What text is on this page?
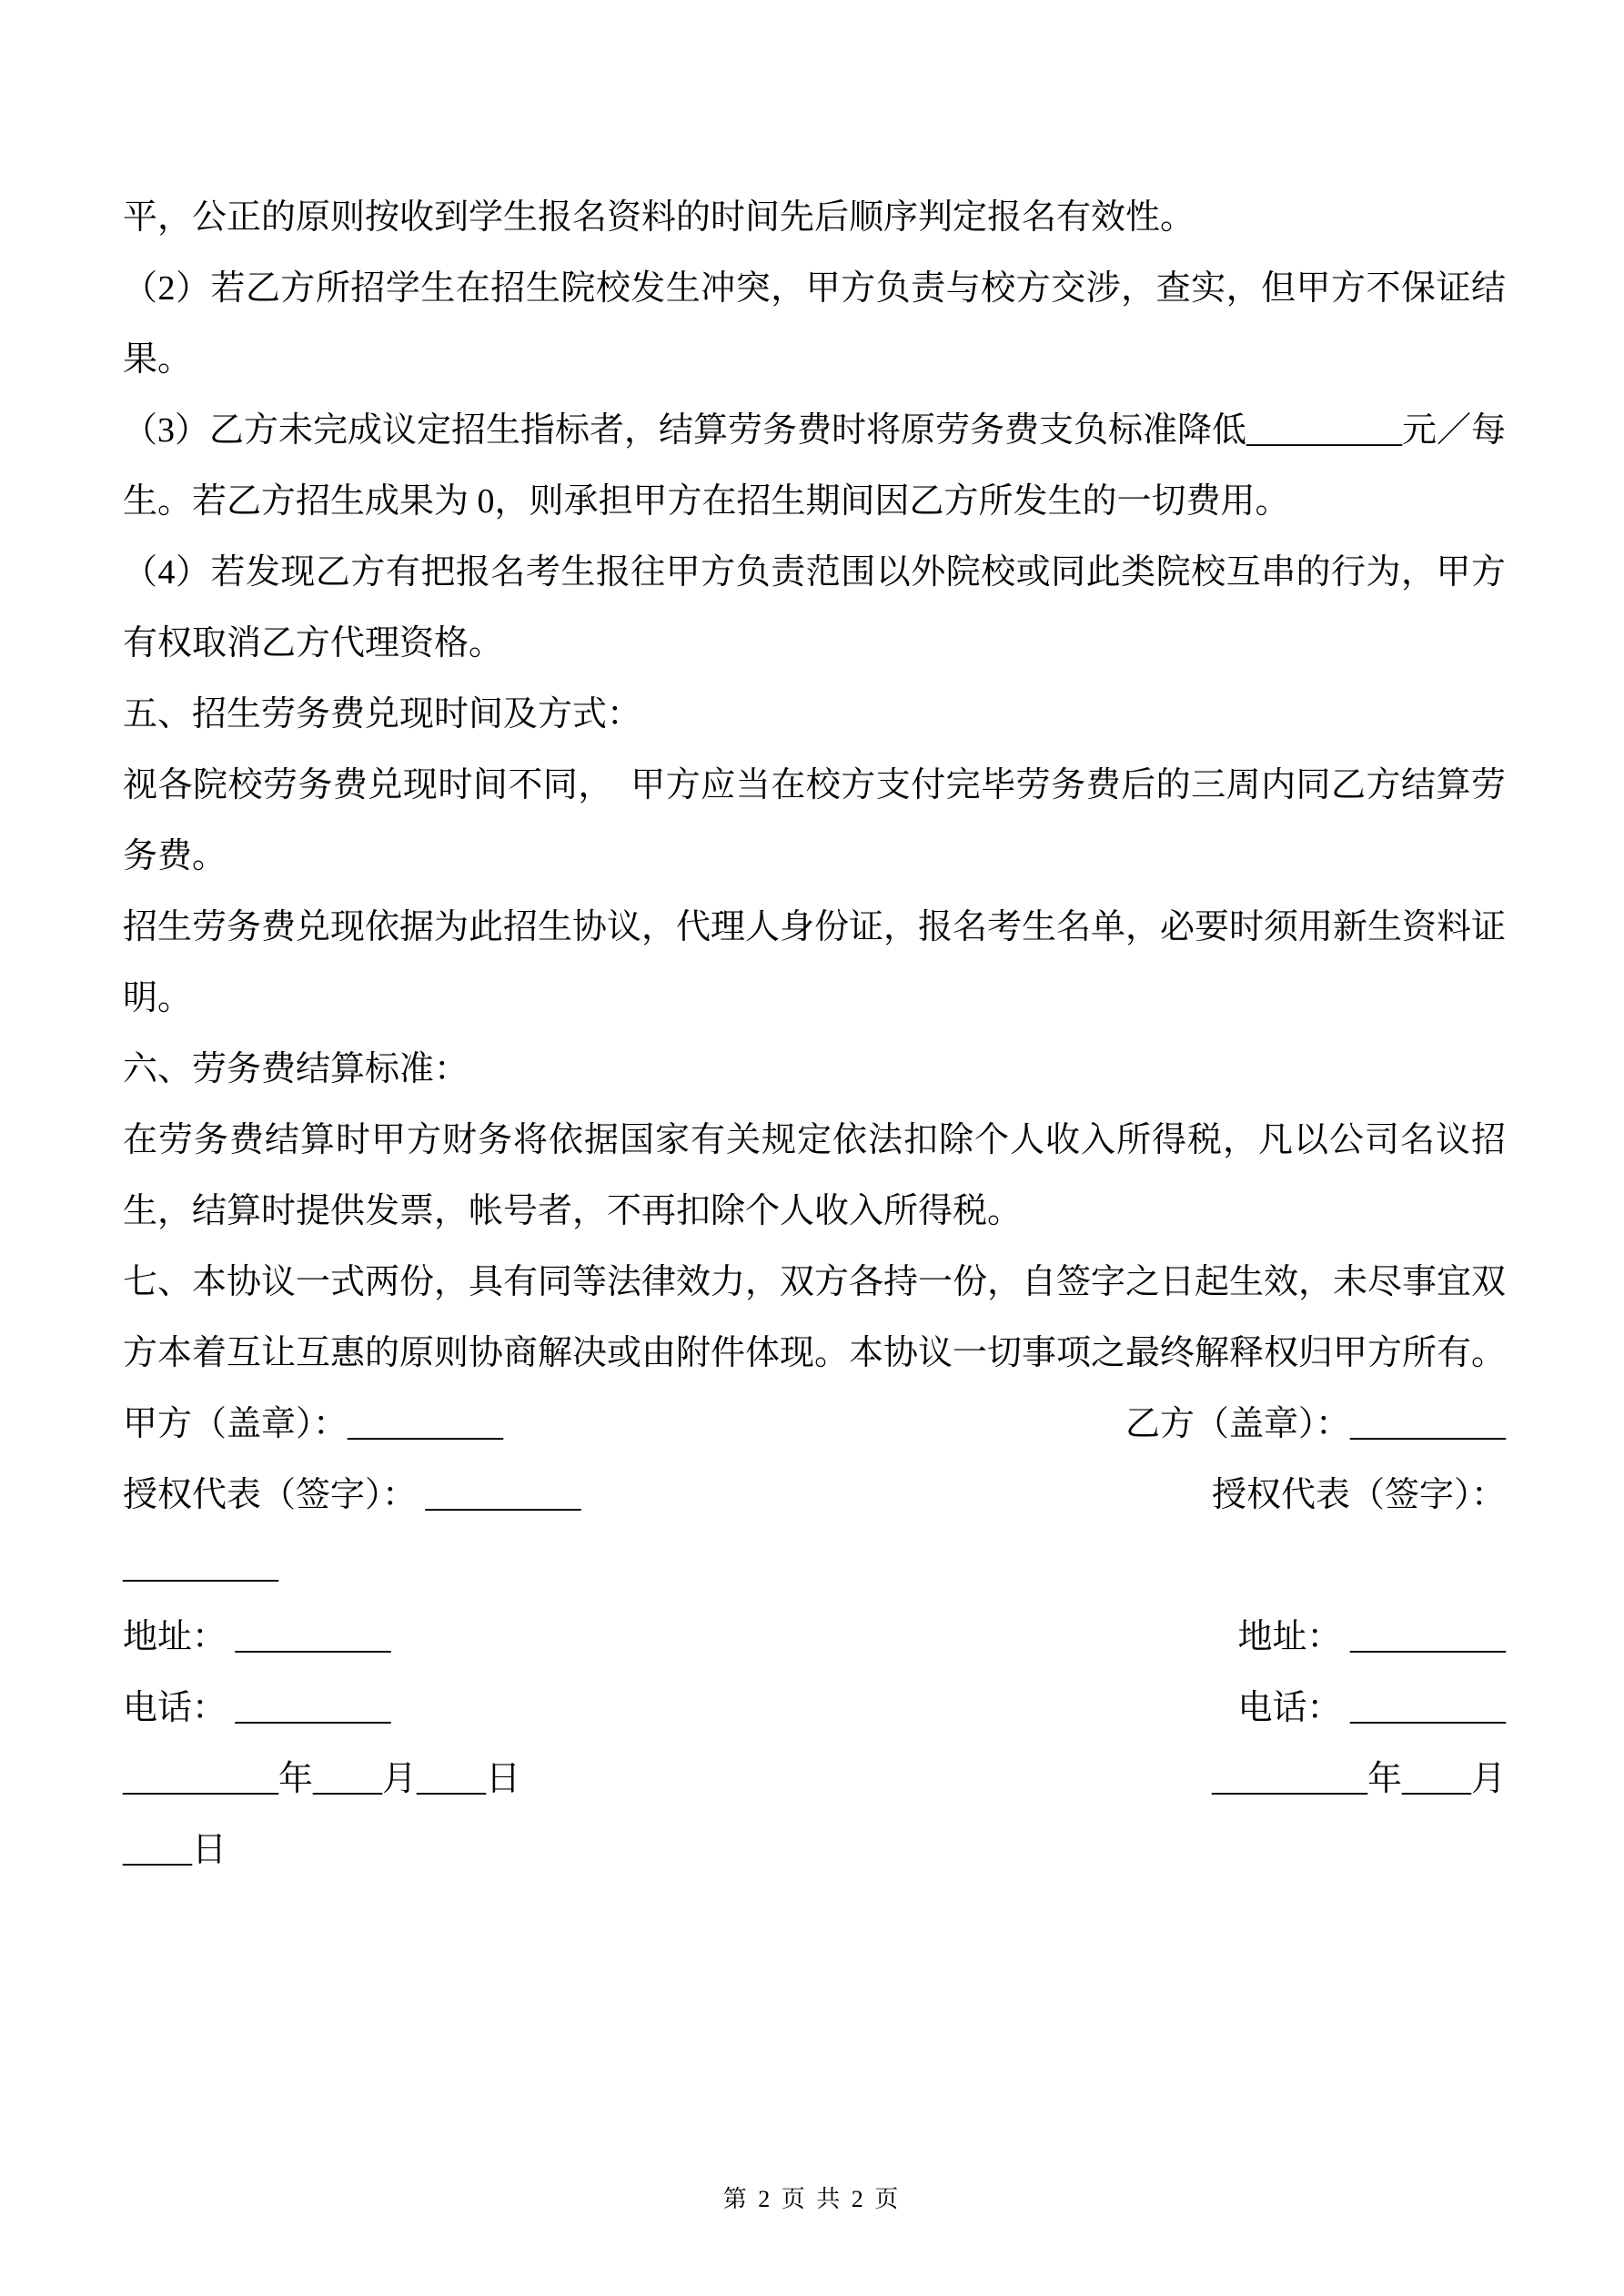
平，公正的原则按收到学生报名资料的时间先后顺序判定报名有效性。

（2）若乙方所招学生在招生院校发生冲突，甲方负责与校方交涉，查实，但甲方不保证结果。

（3）乙方未完成议定招生指标者，结算劳务费时将原劳务费支负标准降低_________元／每生。若乙方招生成果为 0，则承担甲方在招生期间因乙方所发生的一切费用。

（4）若发现乙方有把报名考生报往甲方负责范围以外院校或同此类院校互串的行为，甲方有权取消乙方代理资格。

五、招生劳务费兑现时间及方式：

视各院校劳务费兑现时间不同，　甲方应当在校方支付完毕劳务费后的三周内同乙方结算劳务费。

招生劳务费兑现依据为此招生协议，代理人身份证，报名考生名单，必要时须用新生资料证明。

六、劳务费结算标准：

在劳务费结算时甲方财务将依据国家有关规定依法扣除个人收入所得税，凡以公司名议招生，结算时提供发票，帐号者，不再扣除个人收入所得税。

七、本协议一式两份，具有同等法律效力，双方各持一份，自签字之日起生效，未尽事宜双方本着互让互惠的原则协商解决或由附件体现。本协议一切事项之最终解释权归甲方所有。

甲方（盖章）：_________	乙方（盖章）：_________
授权代表（签字）： _________	授权代表（签字）：
_________
地址： _________	地址： _________
电话： _________	电话： _________
_________年____月____日	_________年____月
____日
第 2 页 共 2 页
